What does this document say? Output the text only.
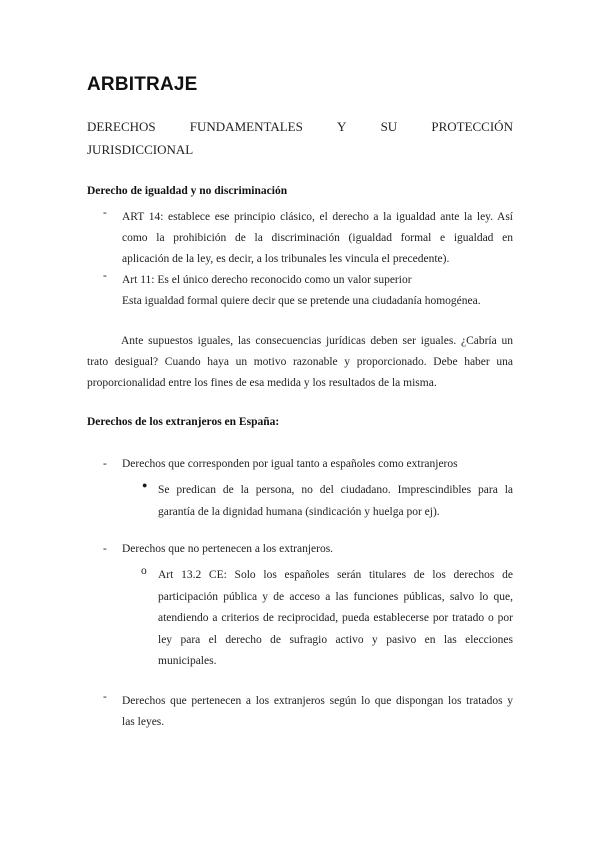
ARBITRAJE
DERECHOS	FUNDAMENTALES	Y	SU	PROTECCIÓN
JURISDICCIONAL
Derecho de igualdad y no discriminación
- ART 14: establece ese principio clásico, el derecho a la igualdad ante la ley. Así
como la prohibición de la discriminación (igualdad formal e igualdad en
aplicación de la ley, es decir, a los tribunales les vincula el precedente).
- Art 11: Es el único derecho reconocido como un valor superior
Esta igualdad formal quiere decir que se pretende una ciudadanía homogénea.
Ante supuestos iguales, las consecuencias jurídicas deben ser iguales. ¿Cabría un
trato desigual? Cuando haya un motivo razonable y proporcionado. Debe haber una
proporcionalidad entre los fines de esa medida y los resultados de la misma.
Derechos de los extranjeros en España:
- Derechos que corresponden por igual tanto a españoles como extranjeros
● Se predican de la persona, no del ciudadano. Imprescindibles para la
garantía de la dignidad humana (sindicación y huelga por ej).
- Derechos que no pertenecen a los extranjeros.
o Art 13.2 CE: Solo los españoles serán titulares de los derechos de
participación pública y de acceso a las funciones públicas, salvo lo que,
atendiendo a criterios de reciprocidad, pueda establecerse por tratado o por
ley para el derecho de sufragio activo y pasivo en las elecciones
municipales.
- Derechos que pertenecen a los extranjeros según lo que dispongan los tratados y
las leyes.
